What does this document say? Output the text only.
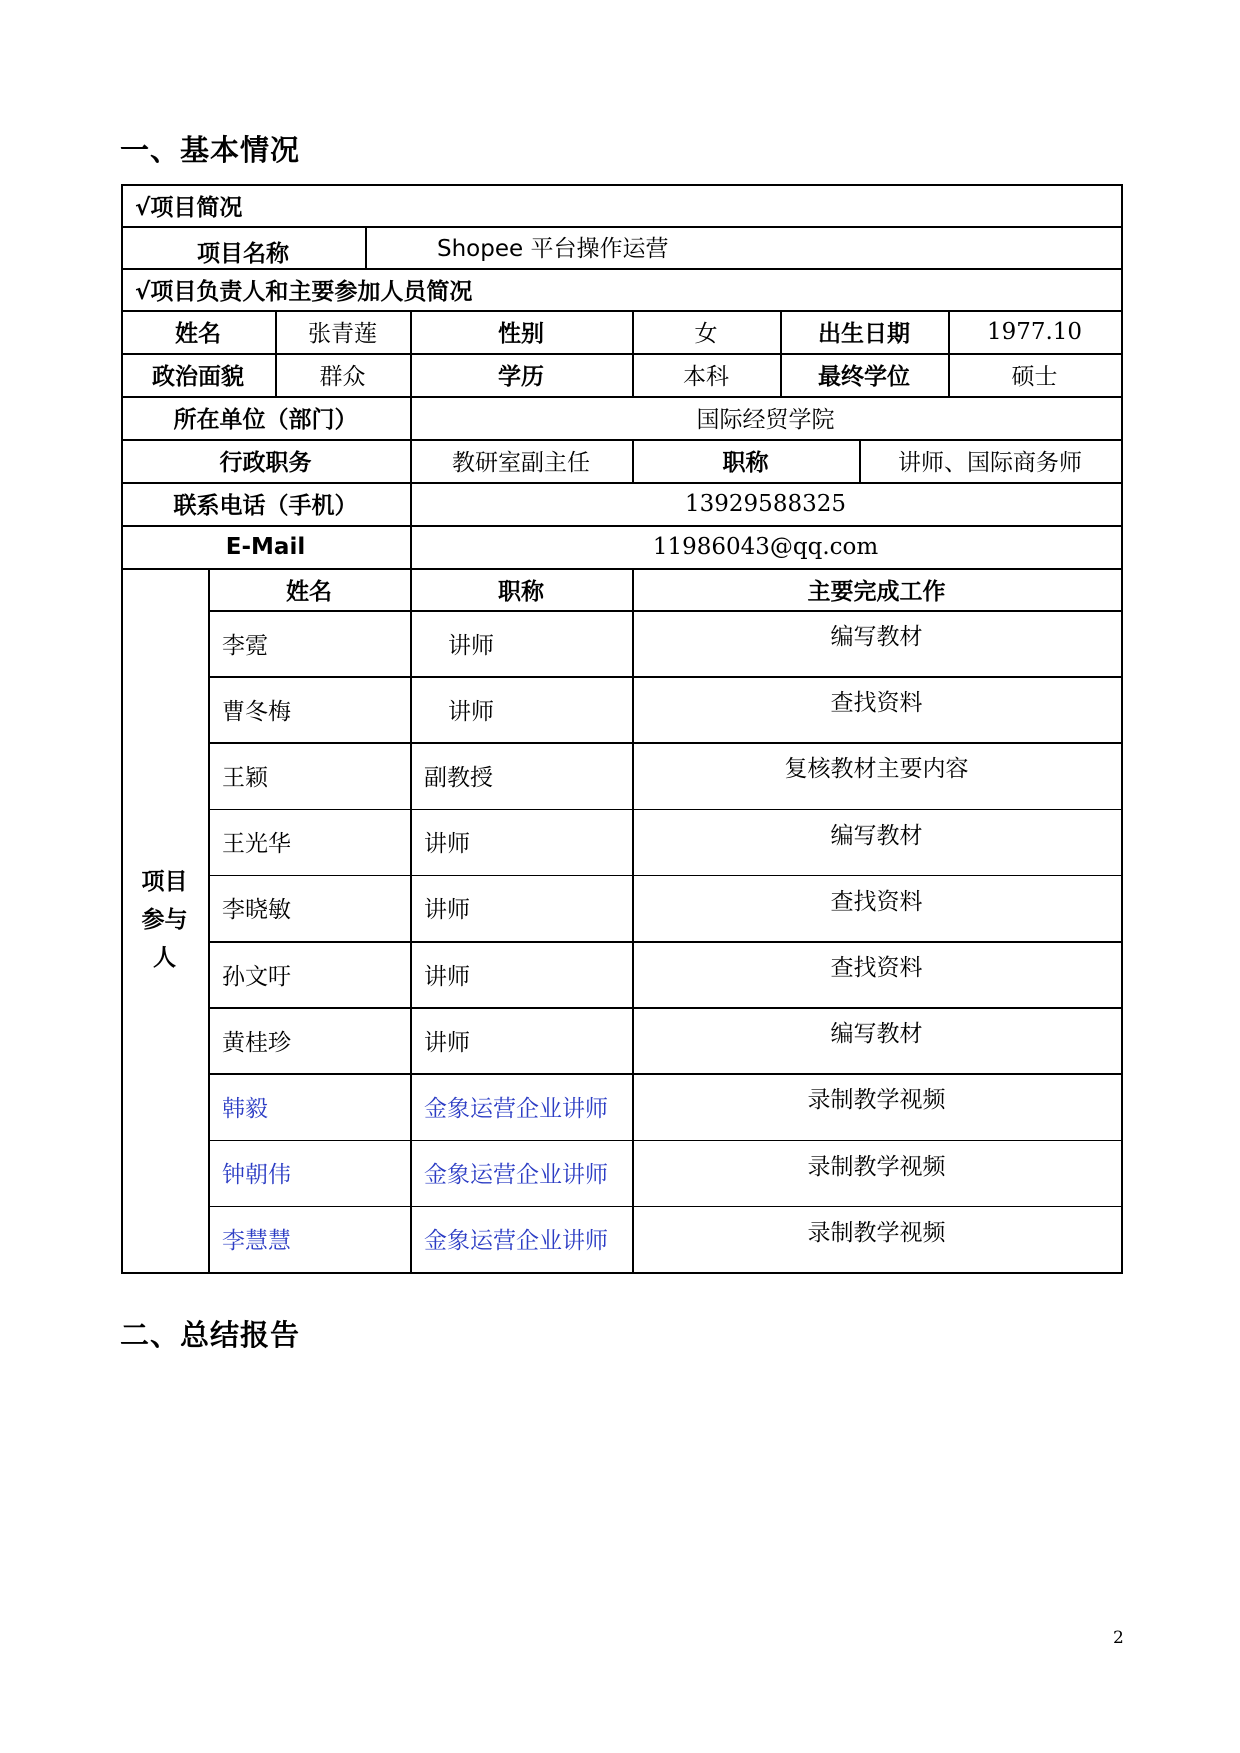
一、基本情况
√项目简况
项目名称	Shopee 平台操作运营
√项目负责人和主要参加人员简况
姓名	张青莲	性别	女	出生日期	1977.10
政治面貌	群众	学历	本科	最终学位	硕士
所在单位（部门）	国际经贸学院
行政职务	教研室副主任	职称	讲师、国际商务师
联系电话（手机）	13929588325
E-Mail	11986043@qq.com
项目
参与
人
姓名	职称	主要完成工作
李霓	讲师	编写教材
曹冬梅	讲师	查找资料
王颖	副教授	复核教材主要内容
王光华	讲师	编写教材
李晓敏	讲师	查找资料
孙文吁	讲师	查找资料
黄桂珍	讲师	编写教材
韩毅	金象运营企业讲师	录制教学视频
钟朝伟	金象运营企业讲师	录制教学视频
李慧慧	金象运营企业讲师	录制教学视频
二、总结报告
2
